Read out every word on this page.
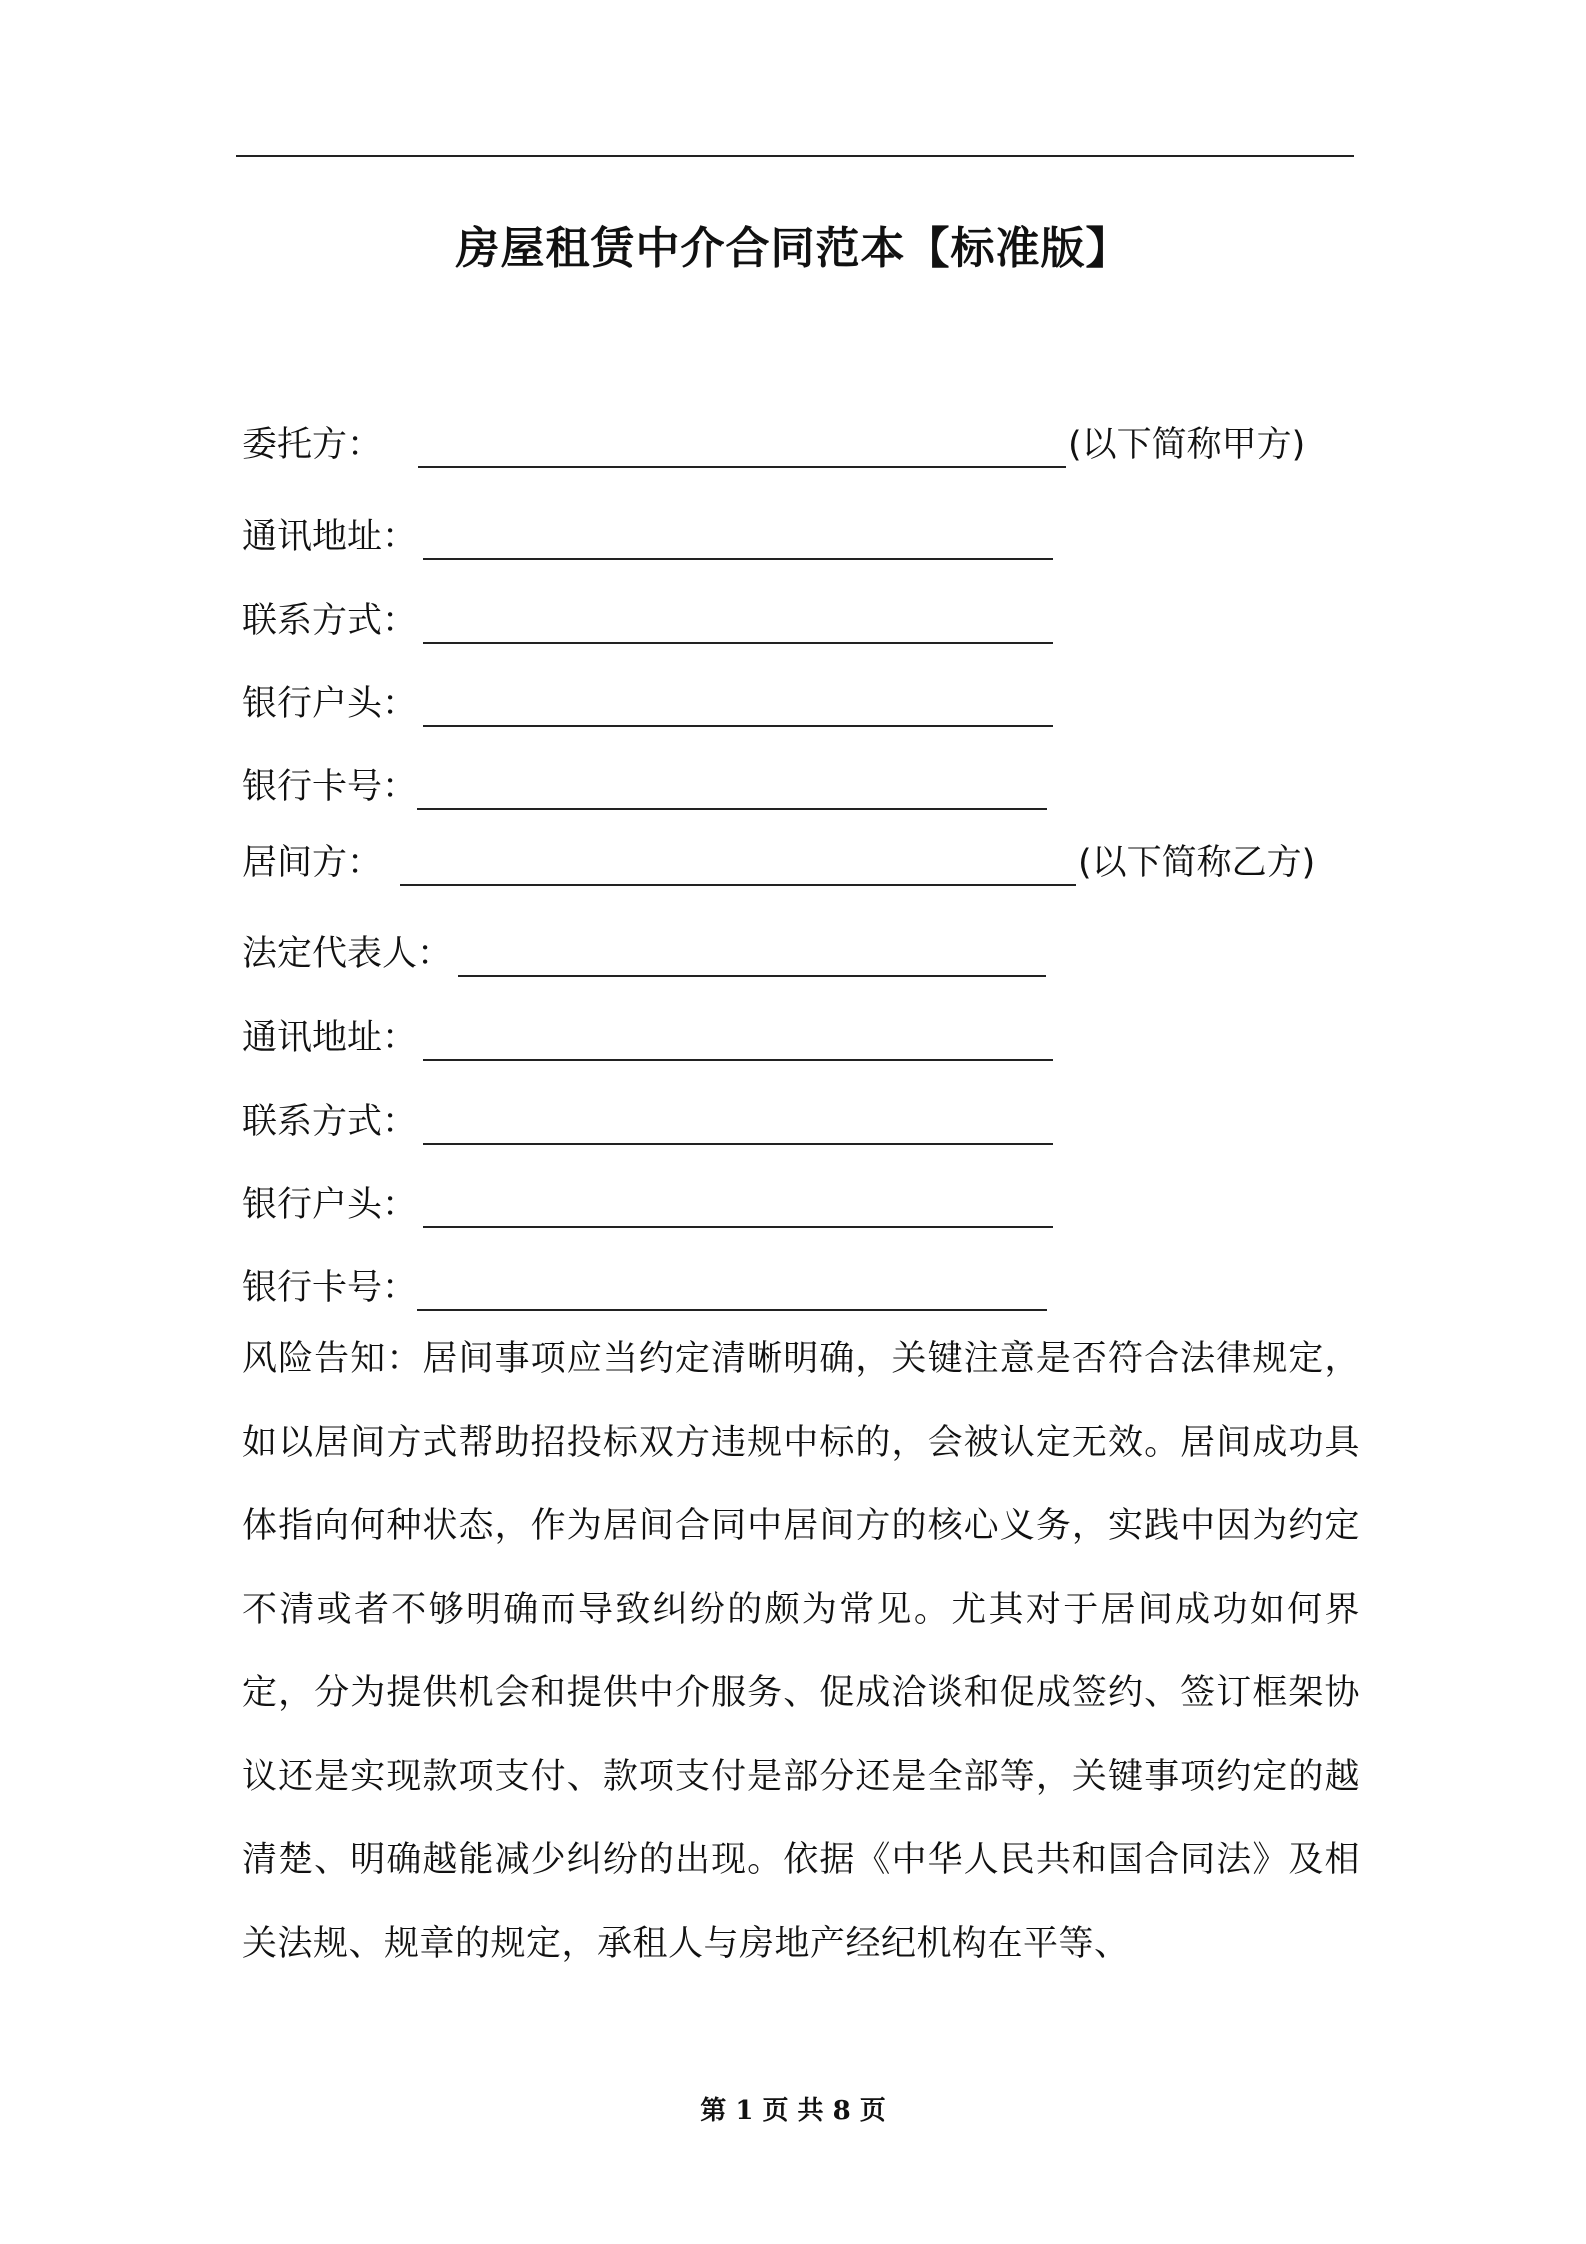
房屋租赁中介合同范本【标准版】
委托方：	(以下简称甲方)
通讯地址：
联系方式：
银行户头：
银行卡号：
居间方：	(以下简称乙方)
法定代表人：
通讯地址：
联系方式：
银行户头：
银行卡号：
风险告知：居间事项应当约定清晰明确，关键注意是否符合法律规定，如以居间方式帮助招投标双方违规中标的，会被认定无效。居间成功具体指向何种状态，作为居间合同中居间方的核心义务，实践中因为约定不清或者不够明确而导致纠纷的颇为常见。尤其对于居间成功如何界定，分为提供机会和提供中介服务、促成洽谈和促成签约、签订框架协议还是实现款项支付、款项支付是部分还是全部等，关键事项约定的越清楚、明确越能减少纠纷的出现。依据《中华人民共和国合同法》及相关法规、规章的规定，承租人与房地产经纪机构在平等、
第 1 页 共 8 页
